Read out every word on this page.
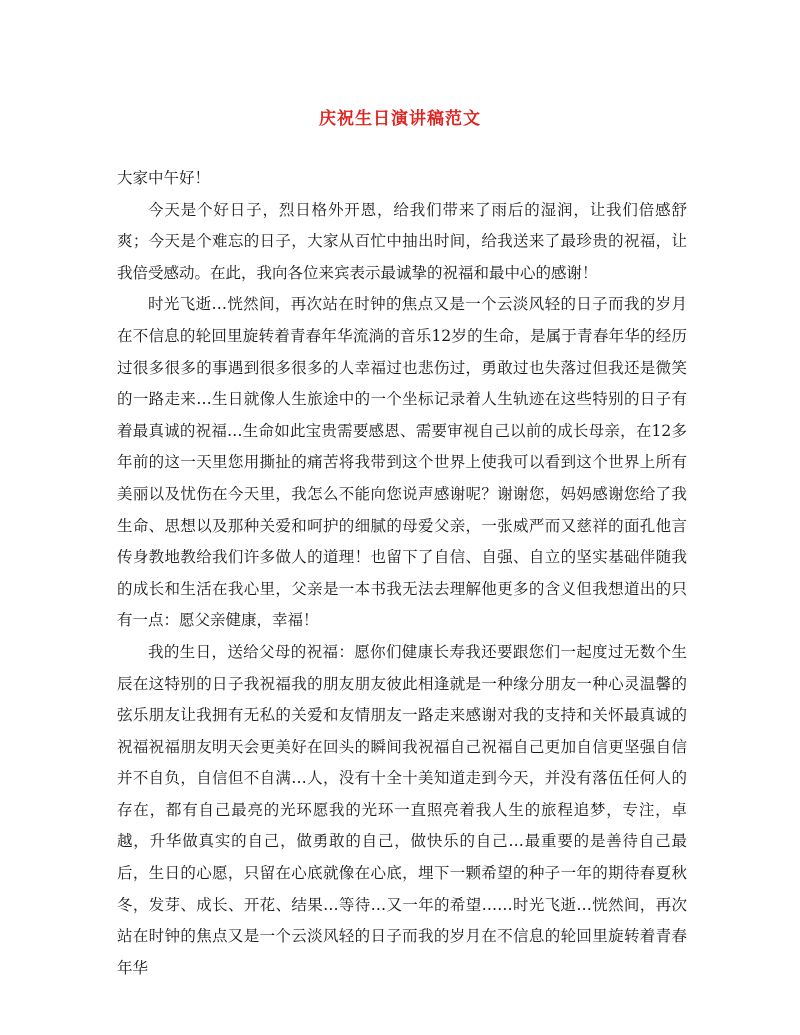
庆祝生日演讲稿范文

大家中午好！

今天是个好日子，烈日格外开恩，给我们带来了雨后的湿润，让我们倍感舒爽；今天是个难忘的日子，大家从百忙中抽出时间，给我送来了最珍贵的祝福，让我倍受感动。在此，我向各位来宾表示最诚挚的祝福和最中心的感谢！

时光飞逝…恍然间，再次站在时钟的焦点又是一个云淡风轻的日子而我的岁月在不信息的轮回里旋转着青春年华流淌的音乐12岁的生命，是属于青春年华的经历过很多很多的事遇到很多很多的人幸福过也悲伤过，勇敢过也失落过但我还是微笑的一路走来…生日就像人生旅途中的一个坐标记录着人生轨迹在这些特别的日子有着最真诚的祝福…生命如此宝贵需要感恩、需要审视自己以前的成长母亲，在12多年前的这一天里您用撕扯的痛苦将我带到这个世界上使我可以看到这个世界上所有美丽以及忧伤在今天里，我怎么不能向您说声感谢呢？谢谢您，妈妈感谢您给了我生命、思想以及那种关爱和呵护的细腻的母爱父亲，一张威严而又慈祥的面孔他言传身教地教给我们许多做人的道理！也留下了自信、自强、自立的坚实基础伴随我的成长和生活在我心里，父亲是一本书我无法去理解他更多的含义但我想道出的只有一点：愿父亲健康，幸福！

我的生日，送给父母的祝福：愿你们健康长寿我还要跟您们一起度过无数个生辰在这特别的日子我祝福我的朋友朋友彼此相逢就是一种缘分朋友一种心灵温馨的弦乐朋友让我拥有无私的关爱和友情朋友一路走来感谢对我的支持和关怀最真诚的祝福祝福朋友明天会更美好在回头的瞬间我祝福自己祝福自己更加自信更坚强自信并不自负，自信但不自满…人，没有十全十美知道走到今天，并没有落伍任何人的存在，都有自己最亮的光环愿我的光环一直照亮着我人生的旅程追梦，专注，卓越，升华做真实的自己，做勇敢的自己，做快乐的自己…最重要的是善待自己最后，生日的心愿，只留在心底就像在心底，埋下一颗希望的种子一年的期待春夏秋冬，发芽、成长、开花、结果…等待…又一年的希望……时光飞逝…恍然间，再次站在时钟的焦点又是一个云淡风轻的日子而我的岁月在不信息的轮回里旋转着青春年华
